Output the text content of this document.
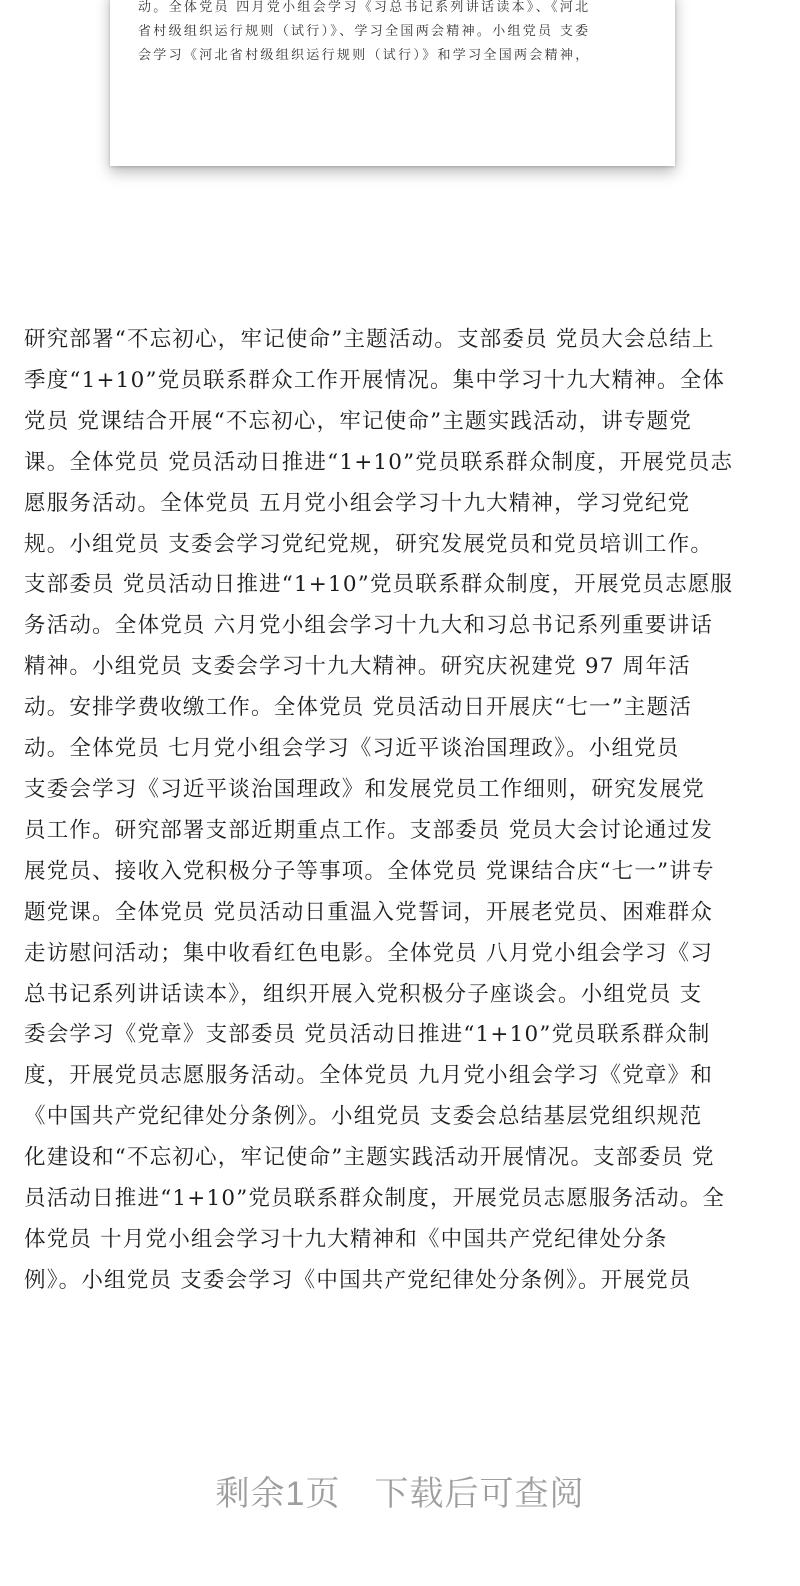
动。全体党员 四月党小组会学习《习总书记系列讲话读本》、《河北
省村级组织运行规则（试行）》、学习全国两会精神。小组党员 支委
会学习《河北省村级组织运行规则（试行）》和学习全国两会精神，
研究部署“不忘初心，牢记使命”主题活动。支部委员 党员大会总结上
季度“1+10”党员联系群众工作开展情况。集中学习十九大精神。全体
党员 党课结合开展“不忘初心，牢记使命”主题实践活动，讲专题党
课。全体党员 党员活动日推进“1+10”党员联系群众制度，开展党员志
愿服务活动。全体党员 五月党小组会学习十九大精神，学习党纪党
规。小组党员 支委会学习党纪党规，研究发展党员和党员培训工作。
支部委员 党员活动日推进“1+10”党员联系群众制度，开展党员志愿服
务活动。全体党员 六月党小组会学习十九大和习总书记系列重要讲话
精神。小组党员 支委会学习十九大精神。研究庆祝建党 97 周年活
动。安排学费收缴工作。全体党员 党员活动日开展庆“七一”主题活
动。全体党员 七月党小组会学习《习近平谈治国理政》。小组党员
支委会学习《习近平谈治国理政》和发展党员工作细则，研究发展党
员工作。研究部署支部近期重点工作。支部委员 党员大会讨论通过发
展党员、接收入党积极分子等事项。全体党员 党课结合庆“七一”讲专
题党课。全体党员 党员活动日重温入党誓词，开展老党员、困难群众
走访慰问活动；集中收看红色电影。全体党员 八月党小组会学习《习
总书记系列讲话读本》，组织开展入党积极分子座谈会。小组党员 支
委会学习《党章》支部委员 党员活动日推进“1+10”党员联系群众制
度，开展党员志愿服务活动。全体党员 九月党小组会学习《党章》和
《中国共产党纪律处分条例》。小组党员 支委会总结基层党组织规范
化建设和“不忘初心，牢记使命”主题实践活动开展情况。支部委员 党
员活动日推进“1+10”党员联系群众制度，开展党员志愿服务活动。全
体党员 十月党小组会学习十九大精神和《中国共产党纪律处分条
例》。小组党员 支委会学习《中国共产党纪律处分条例》。开展党员
剩余1页 下载后可查阅
